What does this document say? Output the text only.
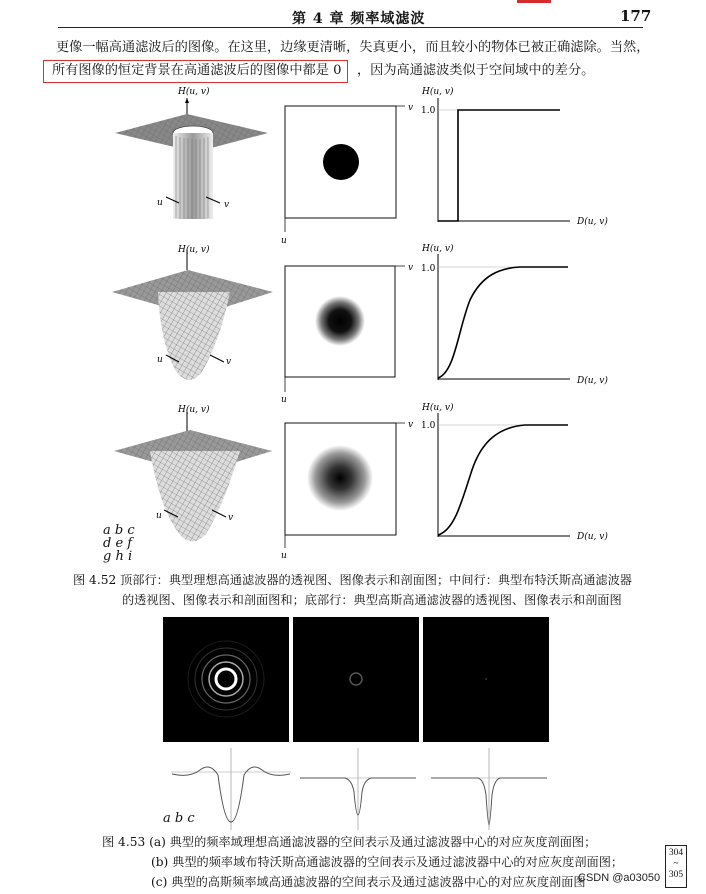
第 4 章 频率域滤波	177
更像一幅高通滤波后的图像。在这里，边缘更清晰，失真更小，而且较小的物体已被正确滤除。当然，
所有图像的恒定背景在高通滤波后的图像中都是 0 ，因为高通滤波类似于空间域中的差分。
H(u, v)
u	v
v
u
H(u, v)
1.0
D(u, v)
H(u, v)
u	v
v
u
H(u, v)
1.0
D(u, v)
H(u, v)
u	v
v
u
H(u, v)
1.0
D(u, v)
a b c
d e f
g h i
图 4.52 顶部行：典型理想高通滤波器的透视图、图像表示和剖面图；中间行：典型布特沃斯高通滤波器
的透视图、图像表示和剖面图和；底部行：典型高斯高通滤波器的透视图、图像表示和剖面图
a b c
图 4.53 (a) 典型的频率域理想高通滤波器的空间表示及通过滤波器中心的对应灰度剖面图；
(b) 典型的频率域布特沃斯高通滤波器的空间表示及通过滤波器中心的对应灰度剖面图；
(c) 典型的高斯频率域高通滤波器的空间表示及通过滤波器中心的对应灰度剖面图
304
~
305
CSDN @a03050
